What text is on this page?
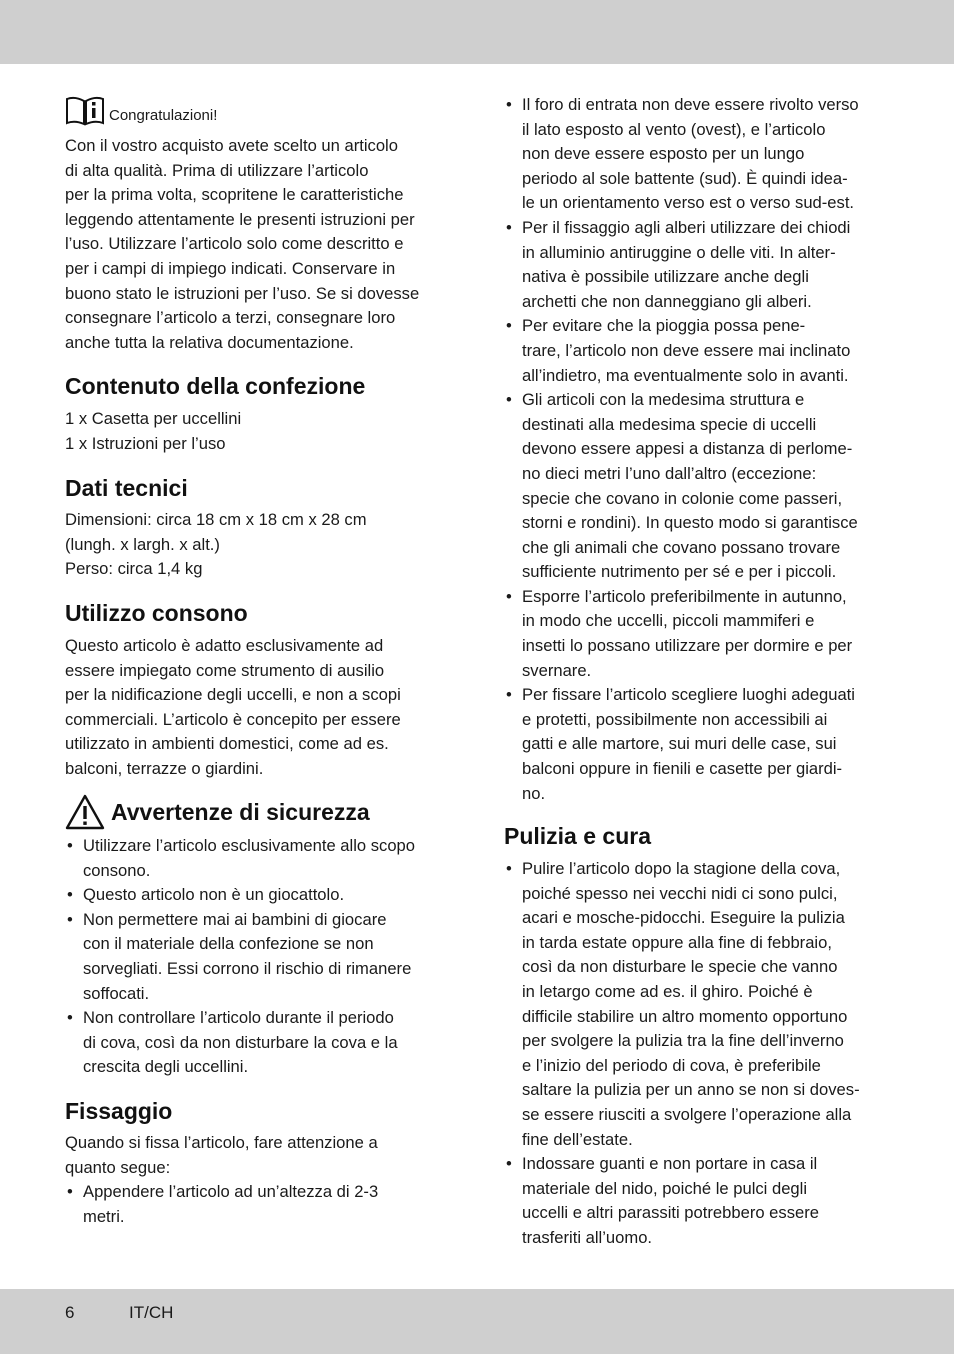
Congratulazioni!

Con il vostro acquisto avete scelto un articolo

di alta qualità. Prima di utilizzare l’articolo

per la prima volta, scopritene le caratteristiche

leggendo attentamente le presenti istruzioni per

l’uso. Utilizzare l’articolo solo come descritto e

per i campi di impiego indicati. Conservare in

buono stato le istruzioni per l’uso. Se si dovesse

consegnare l’articolo a terzi, consegnare loro

anche tutta la relativa documentazione.

Contenuto della confezione

1 x Casetta per uccellini

1 x Istruzioni per l’uso

Dati tecnici

Dimensioni: circa 18 cm x 18 cm x 28 cm

(lungh. x largh. x alt.)

Perso: circa 1,4 kg

Utilizzo consono

Questo articolo è adatto esclusivamente ad

essere impiegato come strumento di ausilio

per la nidificazione degli uccelli, e non a scopi

commerciali. L’articolo è concepito per essere

utilizzato in ambienti domestici, come ad es.

balconi, terrazze o giardini.

Avvertenze di sicurezza
• Utilizzare l’articolo esclusivamente allo scopo
consono.
• Questo articolo non è un giocattolo.
• Non permettere mai ai bambini di giocare
con il materiale della confezione se non
sorvegliati. Essi corrono il rischio di rimanere
soffocati.
• Non controllare l’articolo durante il periodo
di cova, così da non disturbare la cova e la
crescita degli uccellini.
Fissaggio

Quando si fissa l’articolo, fare attenzione a

quanto segue:

• Appendere l’articolo ad un’altezza di 2-3
metri.
• Il foro di entrata non deve essere rivolto verso
il lato esposto al vento (ovest), e l’articolo
non deve essere esposto per un lungo
periodo al sole battente (sud). È quindi idea-
le un orientamento verso est o verso sud-est.
• Per il fissaggio agli alberi utilizzare dei chiodi
in alluminio antiruggine o delle viti. In alter-
nativa è possibile utilizzare anche degli
archetti che non danneggiano gli alberi.
• Per evitare che la pioggia possa pene-
trare, l’articolo non deve essere mai inclinato
all’indietro, ma eventualmente solo in avanti.
• Gli articoli con la medesima struttura e
destinati alla medesima specie di uccelli
devono essere appesi a distanza di perlome-
no dieci metri l’uno dall’altro (eccezione:
specie che covano in colonie come passeri,
storni e rondini). In questo modo si garantisce
che gli animali che covano possano trovare
sufficiente nutrimento per sé e per i piccoli.
• Esporre l’articolo preferibilmente in autunno,
in modo che uccelli, piccoli mammiferi e
insetti lo possano utilizzare per dormire e per
svernare.
• Per fissare l’articolo scegliere luoghi adeguati
e protetti, possibilmente non accessibili ai
gatti e alle martore, sui muri delle case, sui
balconi oppure in fienili e casette per giardi-
no.
Pulizia e cura
• Pulire l’articolo dopo la stagione della cova,
poiché spesso nei vecchi nidi ci sono pulci,
acari e mosche-pidocchi. Eseguire la pulizia
in tarda estate oppure alla fine di febbraio,
così da non disturbare le specie che vanno
in letargo come ad es. il ghiro. Poiché è
difficile stabilire un altro momento opportuno
per svolgere la pulizia tra la fine dell’inverno
e l’inizio del periodo di cova, è preferibile
saltare la pulizia per un anno se non si doves-
se essere riusciti a svolgere l’operazione alla
fine dell’estate.
• Indossare guanti e non portare in casa il
materiale del nido, poiché le pulci degli
uccelli e altri parassiti potrebbero essere
trasferiti all’uomo.
6	IT/CH
